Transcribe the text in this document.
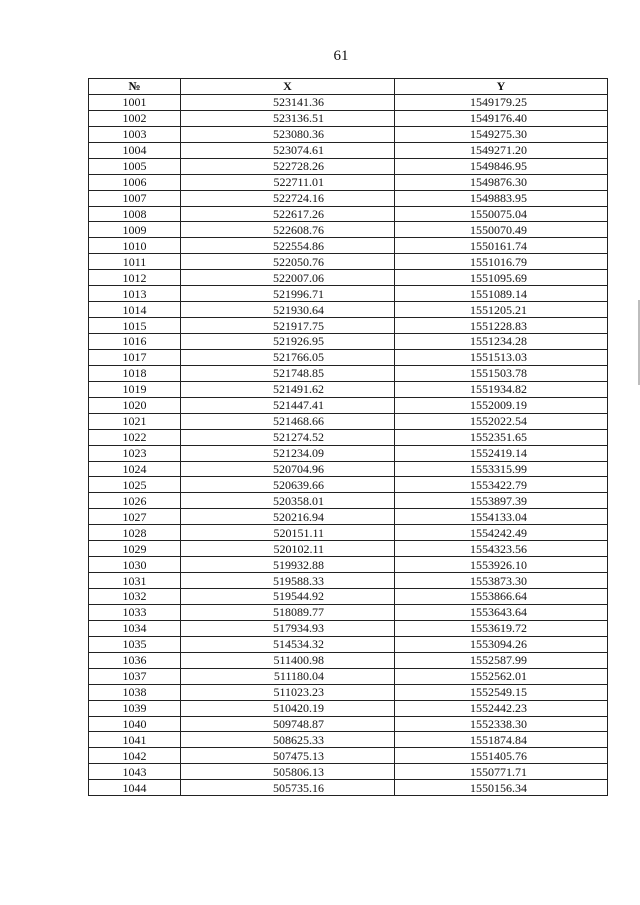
61
№	X	Y
1001	523141.36	1549179.25
1002	523136.51	1549176.40
1003	523080.36	1549275.30
1004	523074.61	1549271.20
1005	522728.26	1549846.95
1006	522711.01	1549876.30
1007	522724.16	1549883.95
1008	522617.26	1550075.04
1009	522608.76	1550070.49
1010	522554.86	1550161.74
1011	522050.76	1551016.79
1012	522007.06	1551095.69
1013	521996.71	1551089.14
1014	521930.64	1551205.21
1015	521917.75	1551228.83
1016	521926.95	1551234.28
1017	521766.05	1551513.03
1018	521748.85	1551503.78
1019	521491.62	1551934.82
1020	521447.41	1552009.19
1021	521468.66	1552022.54
1022	521274.52	1552351.65
1023	521234.09	1552419.14
1024	520704.96	1553315.99
1025	520639.66	1553422.79
1026	520358.01	1553897.39
1027	520216.94	1554133.04
1028	520151.11	1554242.49
1029	520102.11	1554323.56
1030	519932.88	1553926.10
1031	519588.33	1553873.30
1032	519544.92	1553866.64
1033	518089.77	1553643.64
1034	517934.93	1553619.72
1035	514534.32	1553094.26
1036	511400.98	1552587.99
1037	511180.04	1552562.01
1038	511023.23	1552549.15
1039	510420.19	1552442.23
1040	509748.87	1552338.30
1041	508625.33	1551874.84
1042	507475.13	1551405.76
1043	505806.13	1550771.71
1044	505735.16	1550156.34
